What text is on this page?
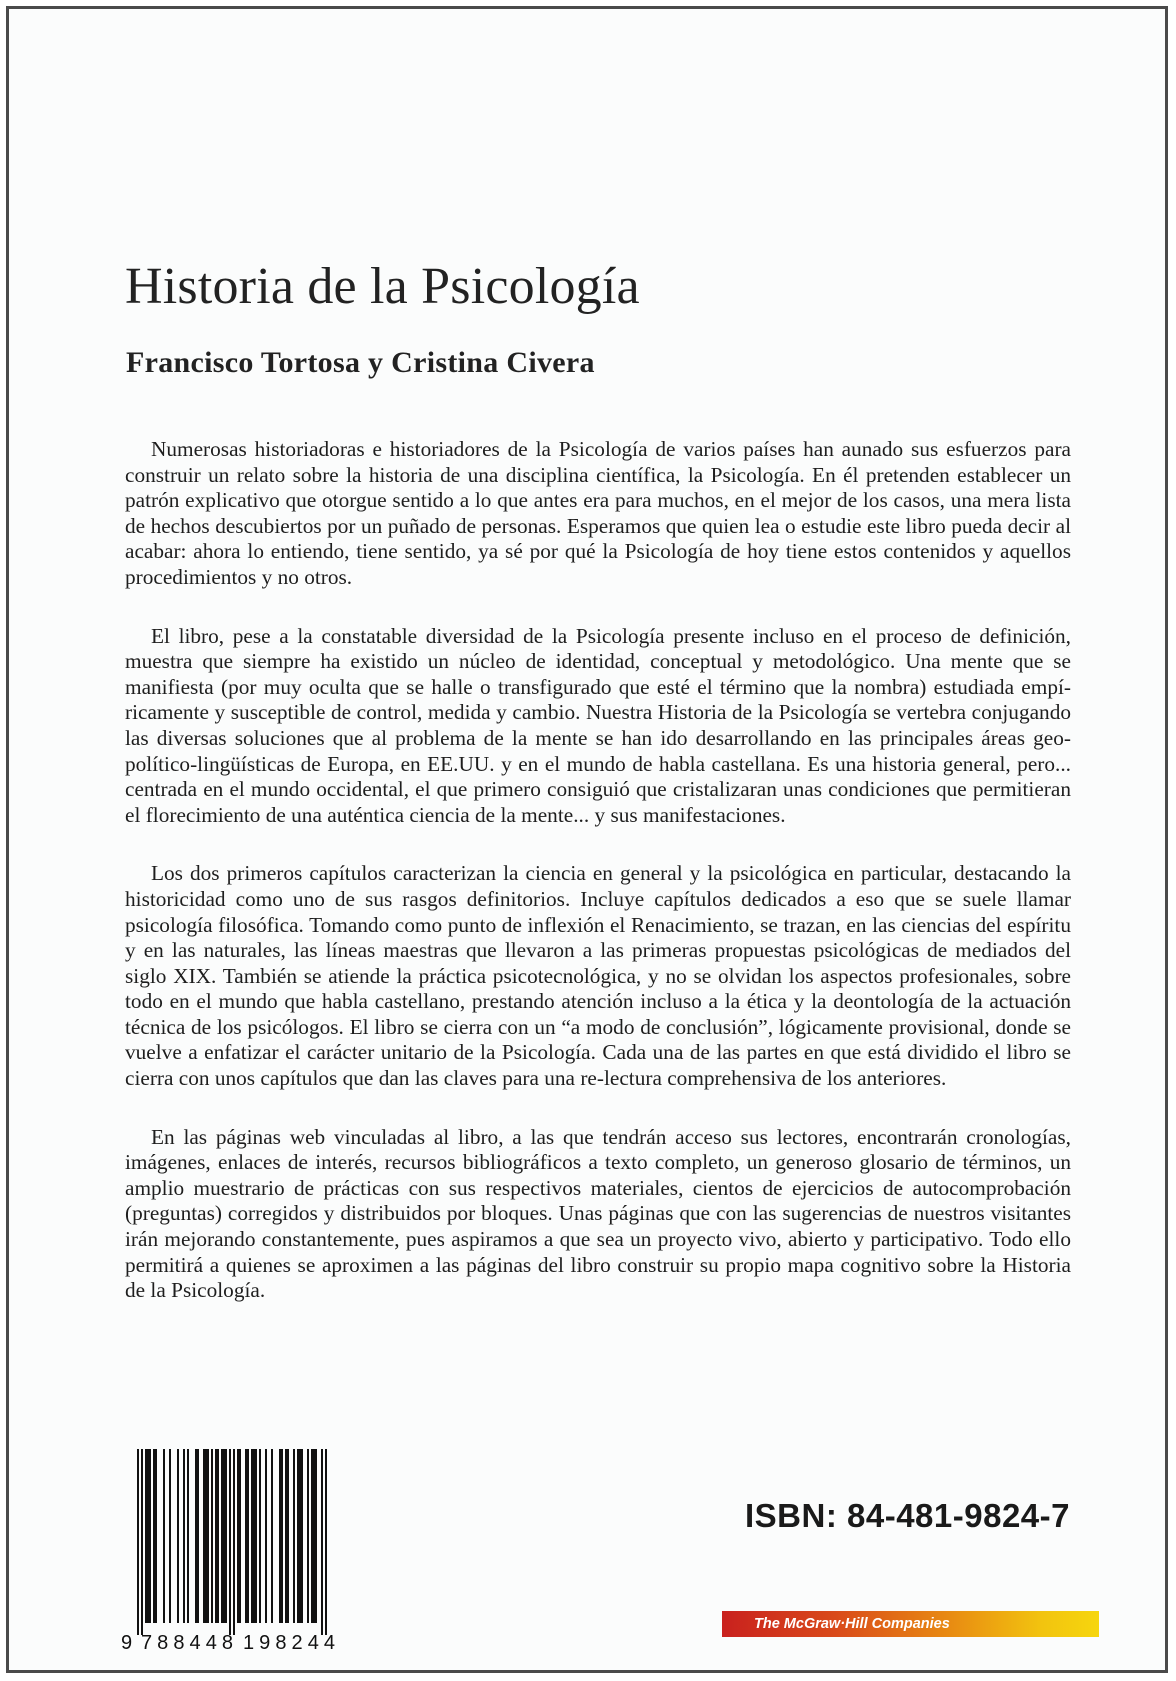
Historia de la Psicología
Francisco Tortosa y Cristina Civera

Numerosas historiadoras e historiadores de la Psicología de varios países han aunado sus esfuerzos para construir un relato sobre la historia de una disciplina científica, la Psicología. En él pretenden establecer un patrón explicativo que otorgue sentido a lo que antes era para muchos, en el mejor de los casos, una mera lista de hechos descubiertos por un puñado de personas. Esperamos que quien lea o estudie este libro pueda decir al acabar: ahora lo entiendo, tiene sentido, ya sé por qué la Psicología de hoy tiene estos contenidos y aquellos procedimientos y no otros.

El libro, pese a la constatable diversidad de la Psicología presente incluso en el proceso de definición, muestra que siempre ha existido un núcleo de identidad, conceptual y metodológico. Una mente que se manifiesta (por muy oculta que se halle o transfigurado que esté el término que la nombra) estudiada empíricamente y susceptible de control, medida y cambio. Nuestra Historia de la Psicología se vertebra conjugando las diversas soluciones que al problema de la mente se han ido desarrollando en las principales áreas geo-político-lingüísticas de Europa, en EE.UU. y en el mundo de habla castellana. Es una historia general, pero... centrada en el mundo occidental, el que primero consiguió que cristalizaran unas condiciones que permitieran el florecimiento de una auténtica ciencia de la mente... y sus manifestaciones.

Los dos primeros capítulos caracterizan la ciencia en general y la psicológica en particular, destacando la historicidad como uno de sus rasgos definitorios. Incluye capítulos dedicados a eso que se suele llamar psicología filosófica. Tomando como punto de inflexión el Renacimiento, se trazan, en las ciencias del espíritu y en las naturales, las líneas maestras que llevaron a las primeras propuestas psicológicas de mediados del siglo XIX. También se atiende la práctica psicotecnológica, y no se olvidan los aspectos profesionales, sobre todo en el mundo que habla castellano, prestando atención incluso a la ética y la deontología de la actuación técnica de los psicólogos. El libro se cierra con un “a modo de conclusión”, lógicamente provisional, donde se vuelve a enfatizar el carácter unitario de la Psicología. Cada una de las partes en que está dividido el libro se cierra con unos capítulos que dan las claves para una re-lectura comprehensiva de los anteriores.

En las páginas web vinculadas al libro, a las que tendrán acceso sus lectores, encontrarán cronologías, imágenes, enlaces de interés, recursos bibliográficos a texto completo, un generoso glosario de términos, un amplio muestrario de prácticas con sus respectivos materiales, cientos de ejercicios de autocomprobación (preguntas) corregidos y distribuidos por bloques. Unas páginas que con las sugerencias de nuestros visitantes irán mejorando constantemente, pues aspiramos a que sea un proyecto vivo, abierto y participativo. Todo ello permitirá a quienes se aproximen a las páginas del libro construir su propio mapa cognitivo sobre la Historia de la Psicología.

9 788448 198244

ISBN: 84-481-9824-7

The McGraw·Hill Companies
